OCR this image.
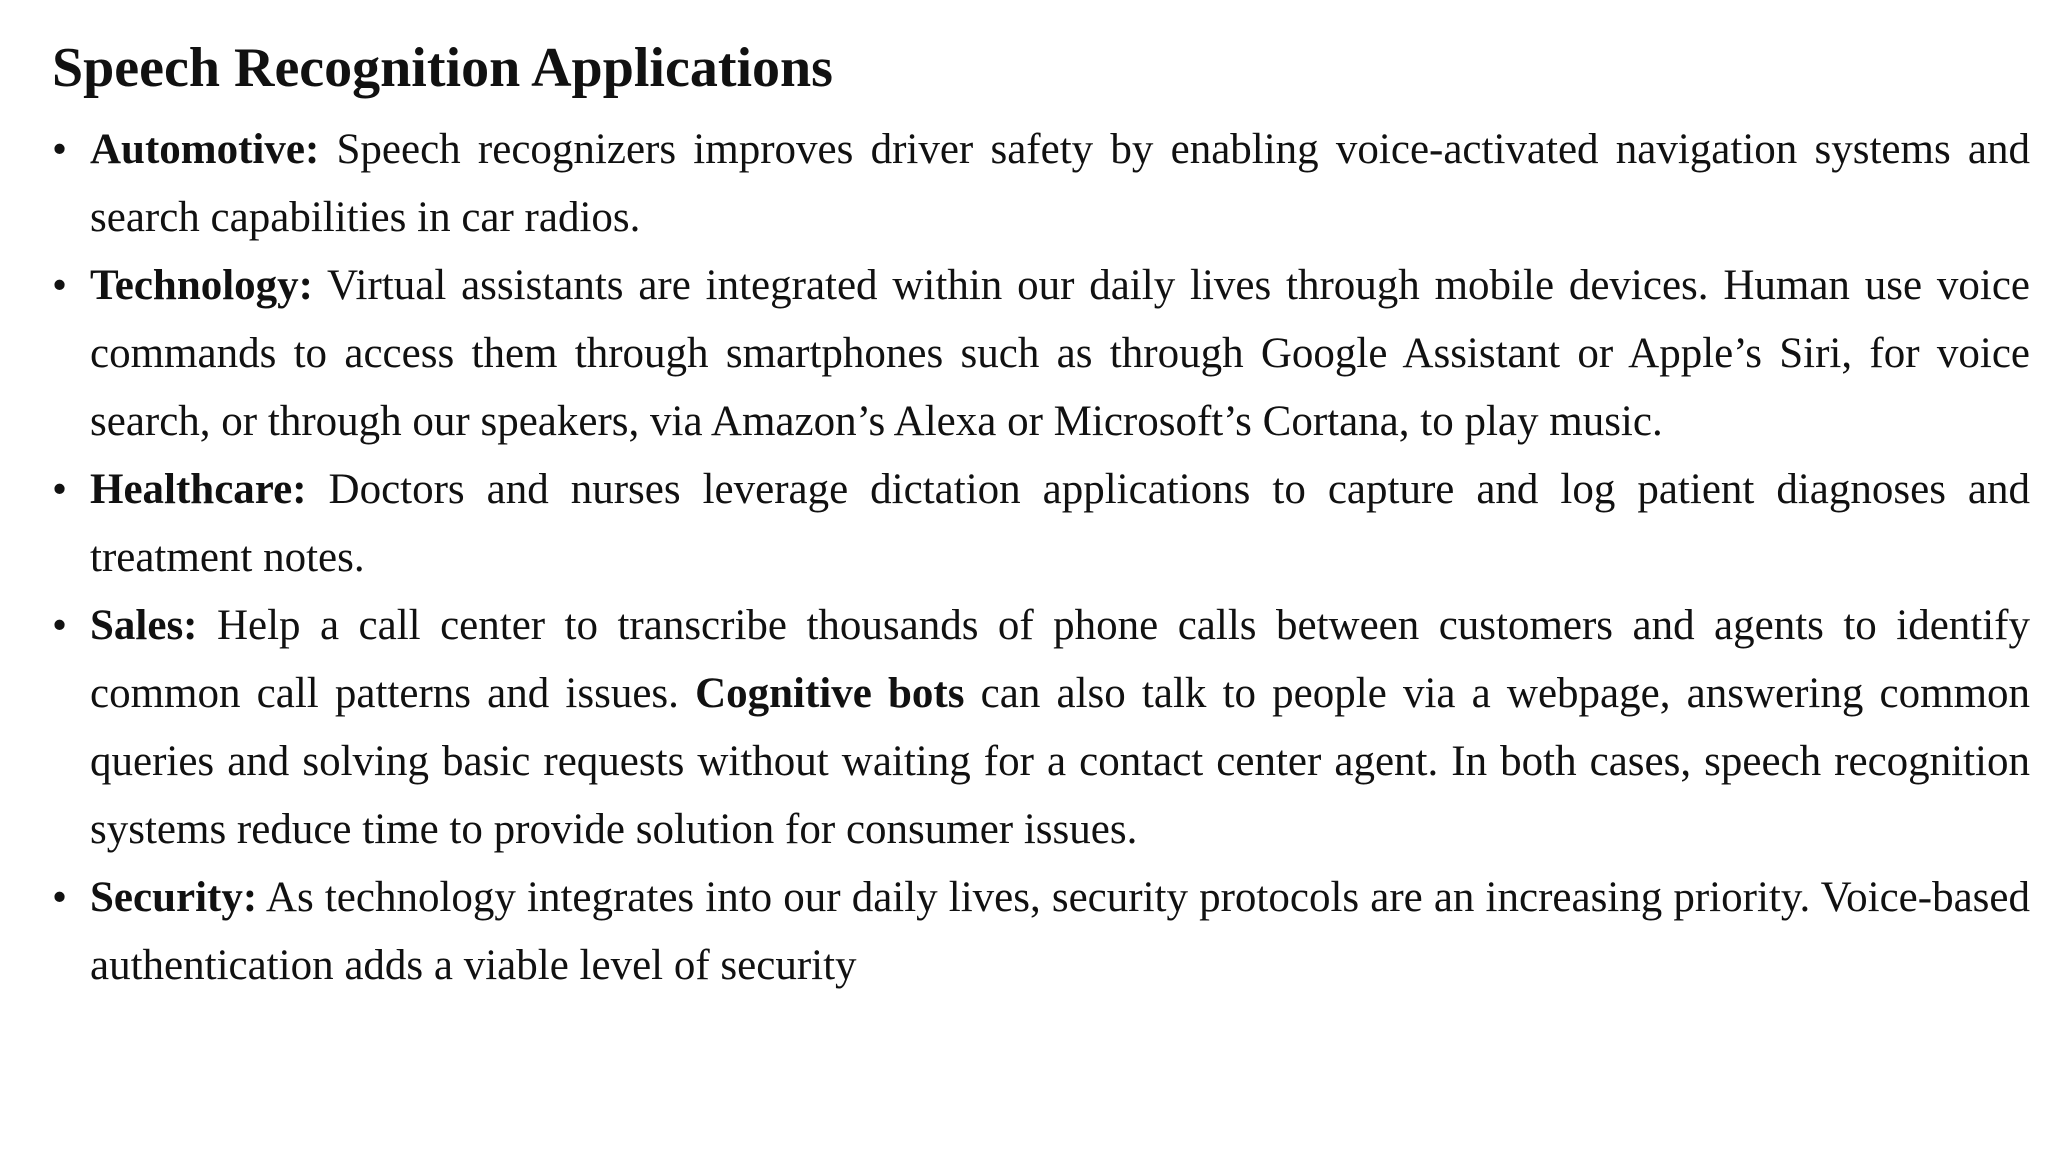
Speech Recognition Applications
• Automotive: Speech recognizers improves driver safety by enabling voice-activated navigation systems and search capabilities in car radios.
• Technology: Virtual assistants are integrated within our daily lives through mobile devices. Human use voice commands to access them through smartphones such as through Google Assistant or Apple’s Siri, for voice search, or through our speakers, via Amazon’s Alexa or Microsoft’s Cortana, to play music.
• Healthcare: Doctors and nurses leverage dictation applications to capture and log patient diagnoses and treatment notes.
• Sales: Help a call center to transcribe thousands of phone calls between customers and agents to identify common call patterns and issues. Cognitive bots can also talk to people via a webpage, answering common queries and solving basic requests without waiting for a contact center agent. In both cases, speech recognition systems reduce time to provide solution for consumer issues.
• Security: As technology integrates into our daily lives, security protocols are an increasing priority. Voice-based authentication adds a viable level of security
